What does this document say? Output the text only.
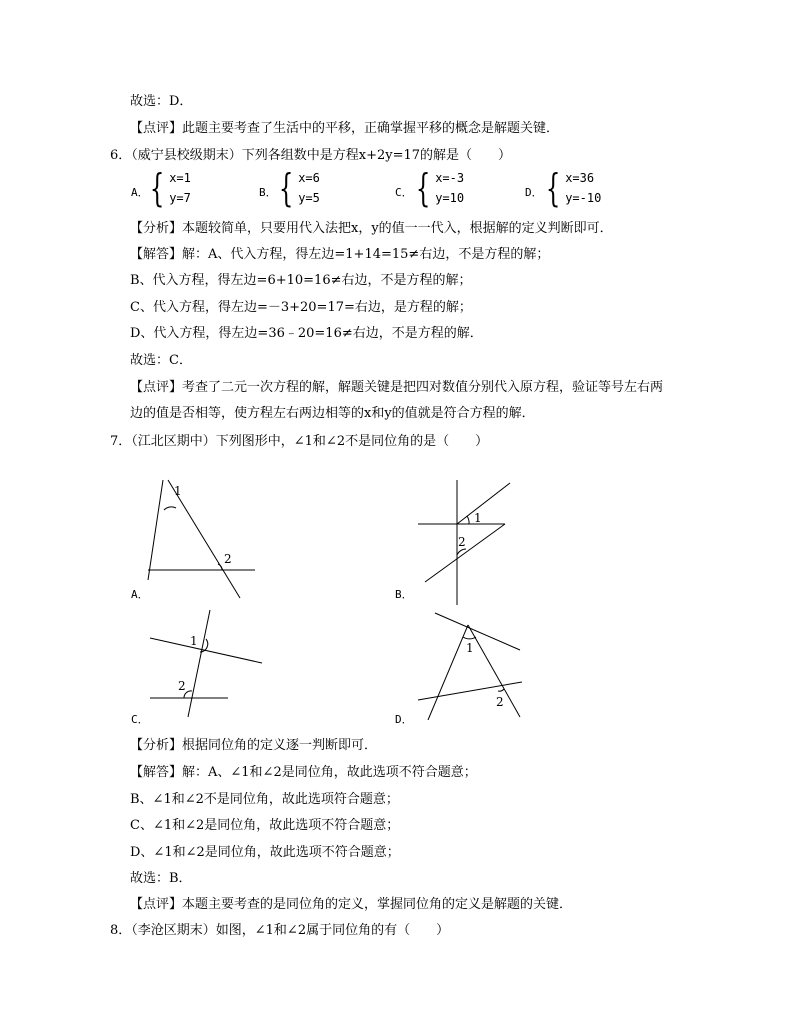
故选：D．
【点评】此题主要考查了生活中的平移，正确掌握平移的概念是解题关键．
6．（威宁县校级期末）下列各组数中是方程x+2y=17的解是（　　）
A． { x=1
y=7	B． { x=6
y=5	C． { x=-3
y=10	D． { x=36
y=-10
【分析】本题较简单，只要用代入法把x，y的值一一代入，根据解的定义判断即可．
【解答】解：A、代入方程，得左边=1+14=15≠右边，不是方程的解；
B、代入方程，得左边=6+10=16≠右边，不是方程的解；
C、代入方程，得左边=－3+20=17=右边，是方程的解；
D、代入方程，得左边=36﹣20=16≠右边，不是方程的解．
故选：C．
【点评】考查了二元一次方程的解，解题关键是把四对数值分别代入原方程，验证等号左右两
边的值是否相等，使方程左右两边相等的x和y的值就是符合方程的解．
7．（江北区期中）下列图形中，∠1和∠2不是同位角的是（　　）
1
2
A．
1
2
B．
1
2
C．
1
2
D．
【分析】根据同位角的定义逐一判断即可．
【解答】解：A、∠1和∠2是同位角，故此选项不符合题意；
B、∠1和∠2不是同位角，故此选项符合题意；
C、∠1和∠2是同位角，故此选项不符合题意；
D、∠1和∠2是同位角，故此选项不符合题意；
故选：B．
【点评】本题主要考查的是同位角的定义，掌握同位角的定义是解题的关键．
8．（李沧区期末）如图，∠1和∠2属于同位角的有（　　）
